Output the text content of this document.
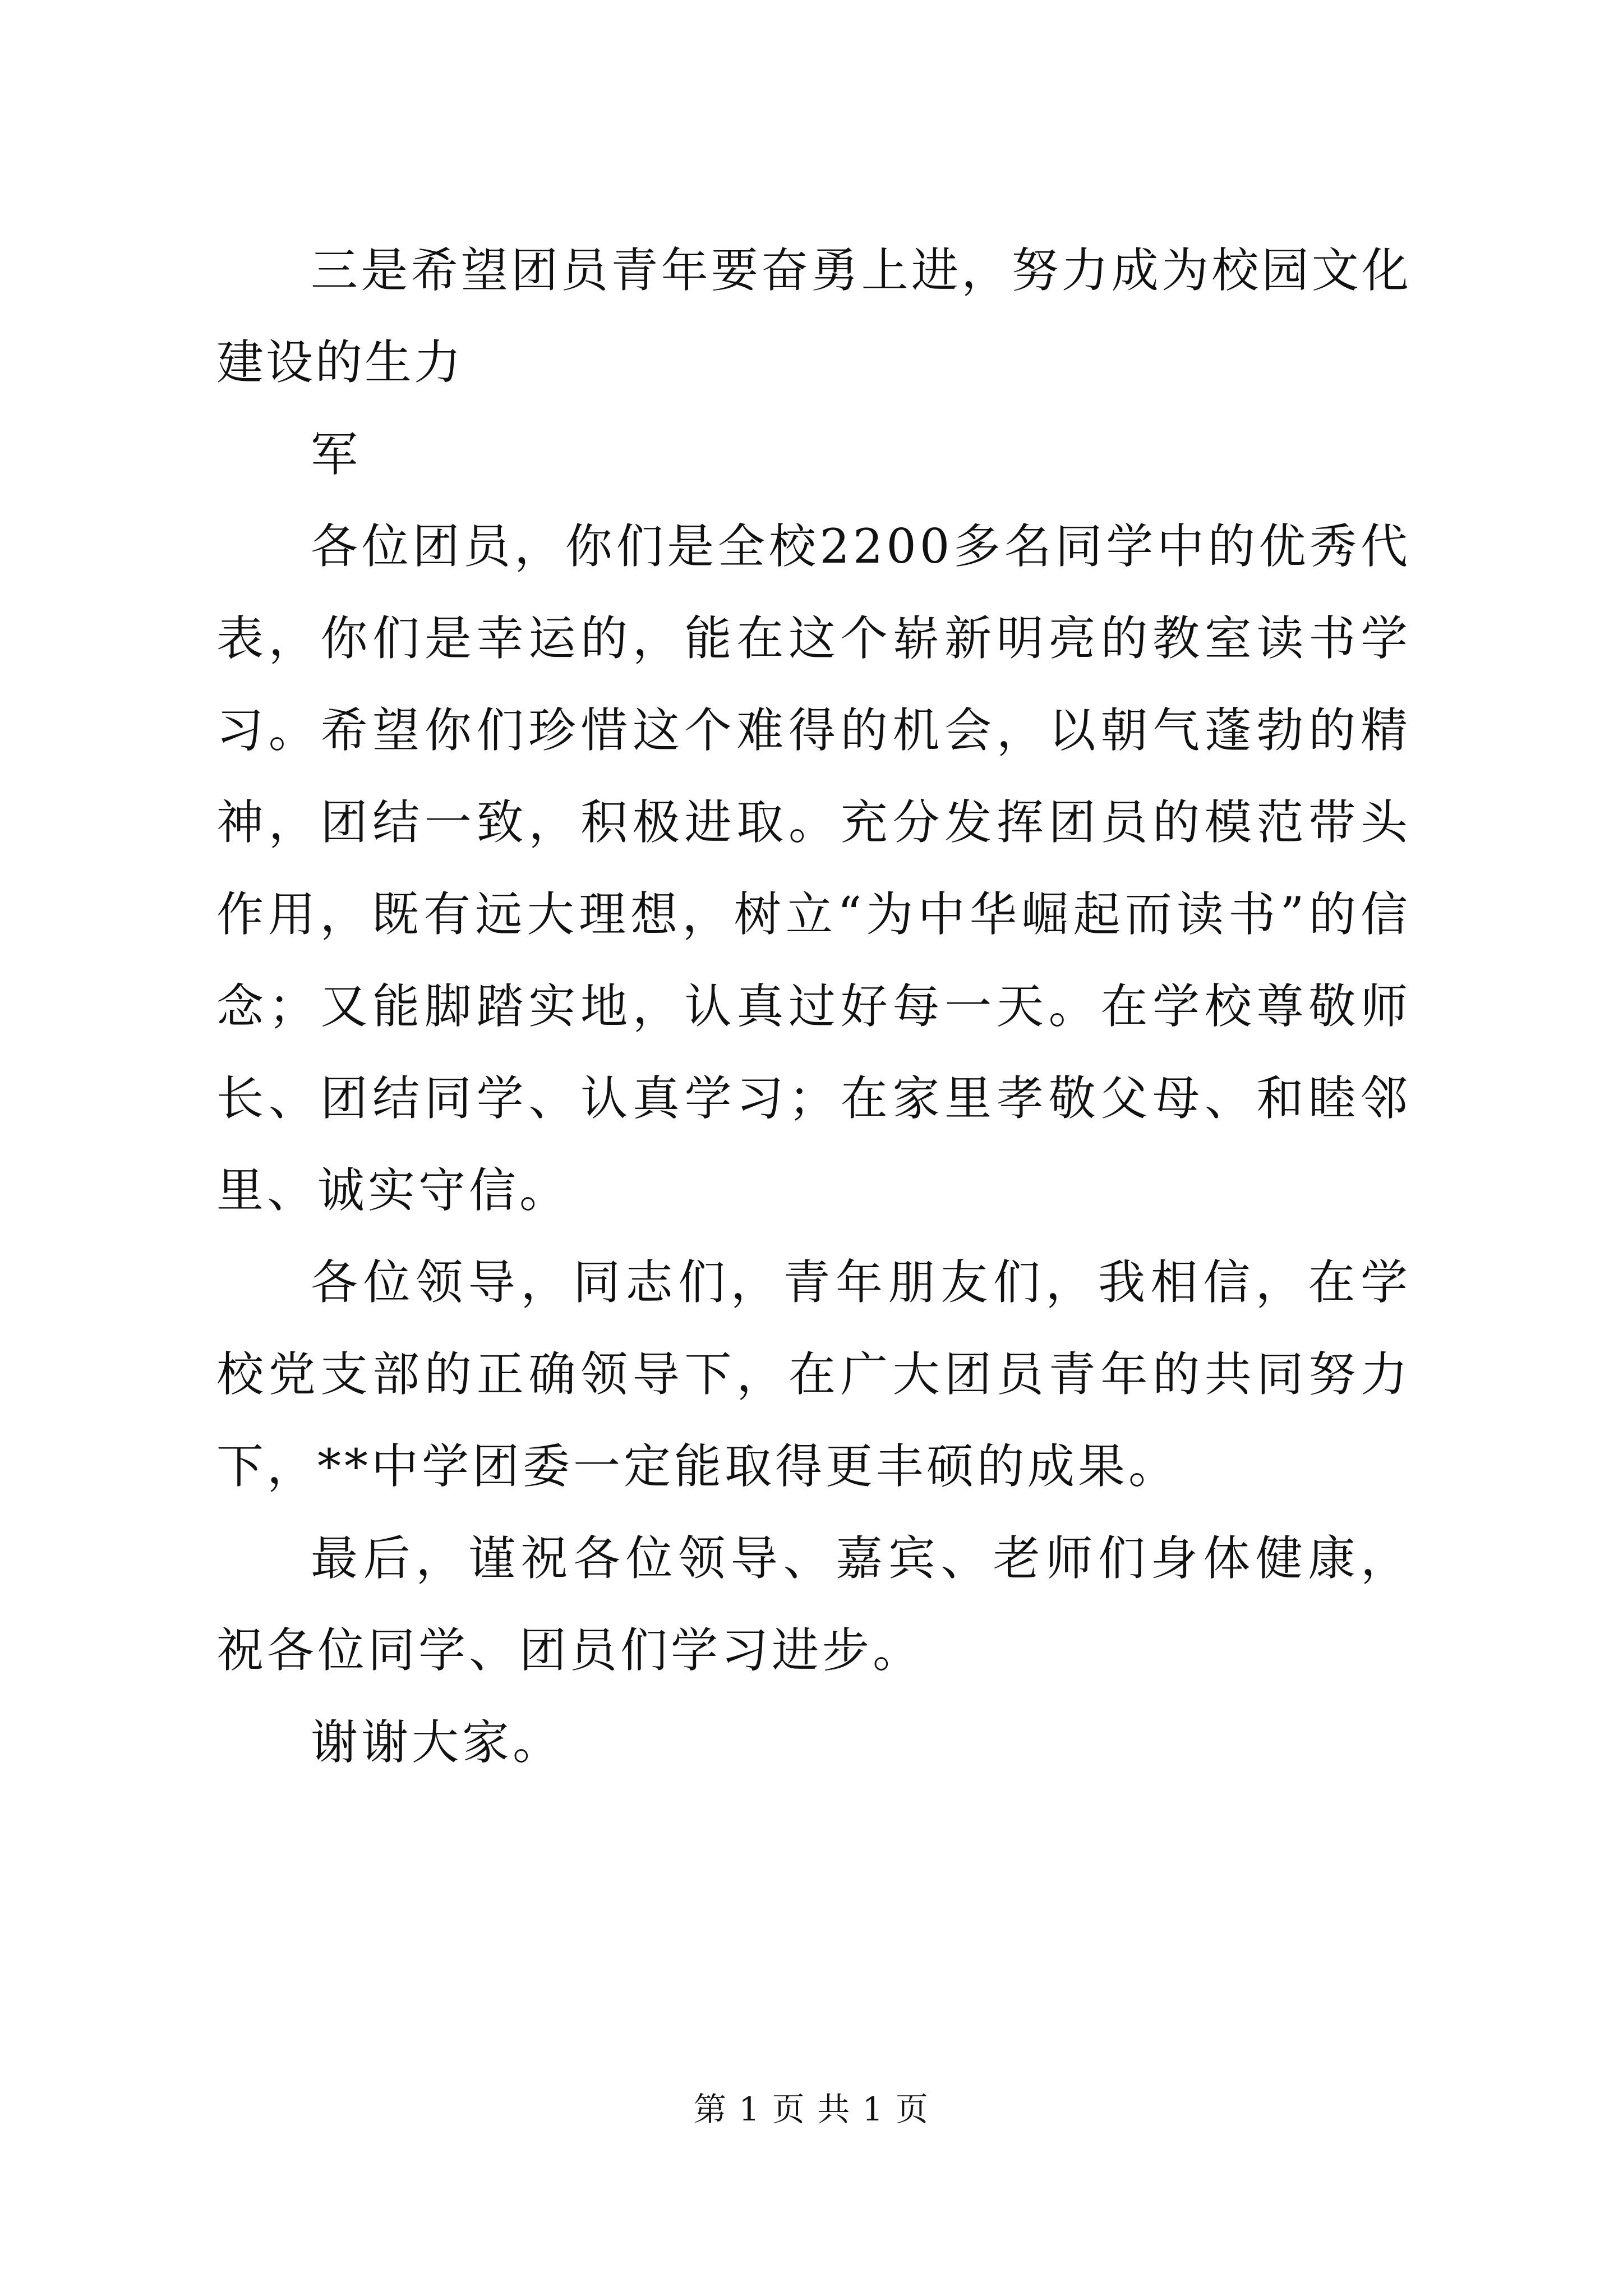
三是希望团员青年要奋勇上进，努力成为校园文化建设的生力

军

各位团员，你们是全校2200多名同学中的优秀代表，你们是幸运的，能在这个崭新明亮的教室读书学习。希望你们珍惜这个难得的机会，以朝气蓬勃的精神，团结一致，积极进取。充分发挥团员的模范带头作用，既有远大理想，树立“为中华崛起而读书”的信念；又能脚踏实地，认真过好每一天。在学校尊敬师长、团结同学、认真学习；在家里孝敬父母、和睦邻里、诚实守信。

各位领导，同志们，青年朋友们，我相信，在学校党支部的正确领导下，在广大团员青年的共同努力下，**中学团委一定能取得更丰硕的成果。

最后，谨祝各位领导、嘉宾、老师们身体健康，祝各位同学、团员们学习进步。

谢谢大家。

第 1 页 共 1 页
